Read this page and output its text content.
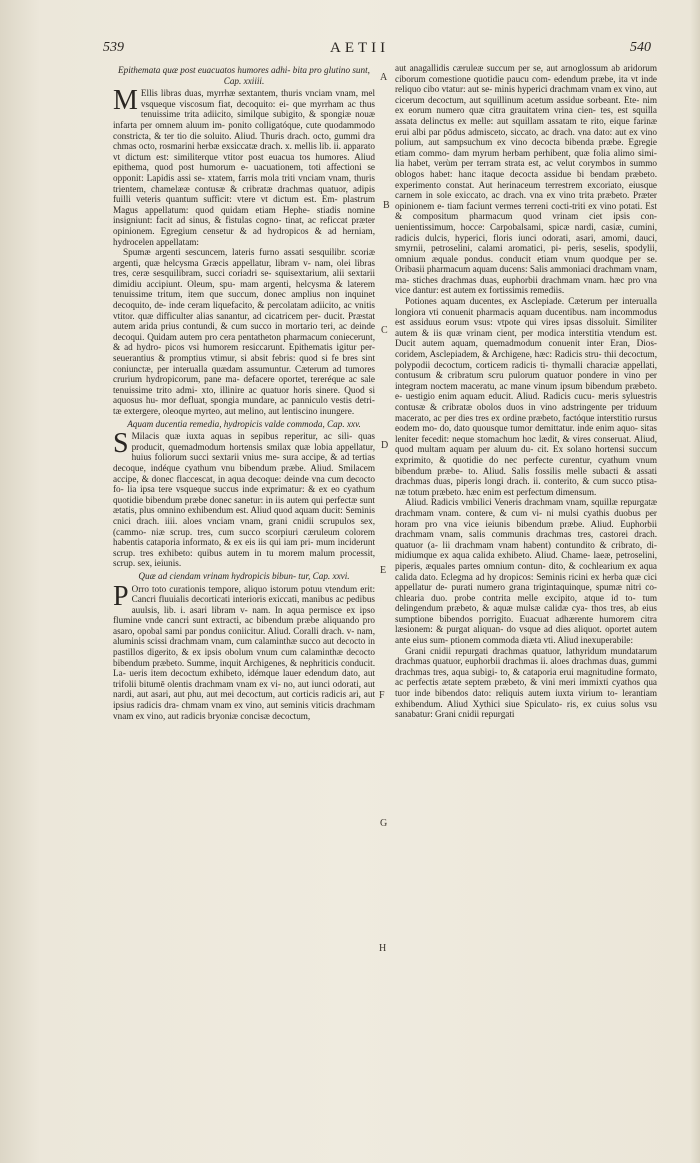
539	AETII	540
A
B
C
D
E
F
G
H

Epithemata quæ post euacuatos humores adhi- bita pro glutino sunt, Cap. xxiiii.

M Ellis libras duas, myrrhæ sextantem, thuris vnciam vnam, mel vsqueque viscosum fiat, decoquito: ei- que myrrham ac thus tenuissime trita adiicito, similque subigito, & spongiæ nouæ infarta per omnem aluum im- ponito colligatóque, cute quodammodo constricta, & ter tio die soluito. Aliud. Thuris drach. octo, gummi dra chmas octo, rosmarini herbæ exsiccatæ drach. x. mellis lib. ii. apparato vt dictum est: similiterque vtitor post euacua tos humores. Aliud epithema, quod post humorum e- uacuationem, toti affectioni se opponit: Lapidis assi se- xtatem, farris mola triti vnciam vnam, thuris trientem, chamelææ contusæ & cribratæ drachmas quatuor, adipis fuilli veteris quantum sufficit: vtere vt dictum est. Em- plastrum Magus appellatum: quod quidam etiam Hephe- stiadis nomine insigniunt: facit ad sinus, & fistulas cogno- tinat, ac reficcat præter opinionem. Egregium censetur & ad hydropicos & ad herniam, hydrocelen appellatam:

Spumæ argenti sescuncem, lateris furno assati sesquilibr. scoriæ argenti, quæ helcysma Græcis appellatur, libram v- nam, olei libras tres, ceræ sesquilibram, succi coriadri se- squisextarium, alii sextarii dimidiu accipiunt. Oleum, spu- mam argenti, helcysma & laterem tenuissime tritum, item que succum, donec amplius non inquinet decoquito, de- inde ceram liquefacito, & percolatam adiicito, ac vnitis vtitor. quæ difficulter alias sanantur, ad cicatricem per- ducit. Præstat autem arida prius contundi, & cum succo in mortario teri, ac deinde decoqui. Quidam autem pro cera pentatheton pharmacum coniecerunt, & ad hydro- picos vsi humorem resiccarunt. Epithematis igitur per- seuerantius & promptius vtimur, si absit febris: quod si fe bres sint coniunctæ, per interualla quædam assumuntur. Cæterum ad tumores crurium hydropicorum, pane ma- defacere oportet, tereréque ac sale tenuissime trito admi- xto, illinire ac quatuor horis sinere. Quod si aquosus hu- mor defluat, spongia mundare, ac panniculo vestis detri- tæ extergere, oleoque myrteo, aut melino, aut lentiscino inungere.

Aquam ducentia remedia, hydropicis valde commoda, Cap. xxv.

S Milacis quæ iuxta aquas in sepibus reperitur, ac sili- quas producit, quemadmodum hortensis smilax quæ lobia appellatur, huius foliorum succi sextarii vnius me- sura accipe, & ad tertias decoque, indéque cyathum vnu bibendum præbe. Aliud. Smilacem accipe, & donec flaccescat, in aqua decoque: deinde vna cum decocto fo- lia ipsa tere vsqueque succus inde exprimatur: & ex eo cyathum quotidie bibendum præbe donec sanetur: in iis autem qui perfectæ sunt ætatis, plus omnino exhibendum est. Aliud quod aquam ducit: Seminis cnici drach. iiii. aloes vnciam vnam, grani cnidii scrupulos sex, (cammo- niæ scrup. tres, cum succo scorpiuri cæruleum colorem habentis cataporia informato, & ex eis iis qui iam pri- mum inciderunt scrup. tres exhibeto: quibus autem in tu morem malum processit, scrup. sex, ieiunis.

Quæ ad ciendam vrinam hydropicis bibun- tur, Cap. xxvi.

P Orro toto curationis tempore, aliquo istorum potuu vtendum erit: Cancri fluuialis decorticati interioris exiccati, manibus ac pedibus auulsis, lib. i. asari libram v- nam. In aqua permisce ex ipso flumine vnde cancri sunt extracti, ac bibendum præbe aliquando pro asaro, opobal sami par pondus coniicitur. Aliud. Coralli drach. v- nam, aluminis scissi drachmam vnam, cum calaminthæ succo aut decocto in pastillos digerito, & ex ipsis obolum vnum cum calaminthæ decocto bibendum præbeto. Summe, inquit Archigenes, & nephriticis conducit. La- ueris item decoctum exhibeto, idémque lauer edendum dato, aut trifolii bitumē olentis drachmam vnam ex vi- no, aut iunci odorati, aut nardi, aut asari, aut phu, aut mei decoctum, aut corticis radicis ari, aut ipsius radicis dra- chmam vnam ex vino, aut seminis viticis drachmam vnam ex vino, aut radicis bryoniæ concisæ decoctum,

aut anagallidis cæruleæ succum per se, aut arnoglossum ab aridorum ciborum comestione quotidie paucu com- edendum præbe, ita vt inde reliquo cibo vtatur: aut se- minis hyperici drachmam vnam ex vino, aut cicerum decoctum, aut squillinum acetum assidue sorbeant. Ete- nim ex eorum numero quæ citra grauitatem vrina cien- tes, est squilla assata delinctus ex melle: aut squillam assatam te rito, eique farinæ erui albi par pōdus admisceto, siccato, ac drach. vna dato: aut ex vino polium, aut sampsuchum ex vino decocta bibenda præbe. Egregie etiam commo- dam myrum herbam perhibent, quæ folia alimo simi- lia habet, verùm per terram strata est, ac velut corymbos in summo oblogos habet: hanc itaque decocta assidue bi bendam præbeto. experimento constat. Aut herinaceum terrestrem excoriato, eiusque carnem in sole exiccato, ac drach. vna ex vino trita præbeto. Præter opinionem e- tiam faciunt vermes terreni cocti-triti ex vino potati. Est & compositum pharmacum quod vrinam ciet ipsis con- uenientissimum, hocce: Carpobalsami, spicæ nardi, casiæ, cumini, radicis dulcis, hyperici, floris iunci odorati, asari, amomi, dauci, smyrnii, petroselini, calami aromatici, pi- peris, seselis, spodylii, omnium æquale pondus. conducit etiam vnum quodque per se. Oribasii pharmacum aquam ducens: Salis ammoniaci drachmam vnam, ma- stiches drachmas duas, euphorbii drachmam vnam. hæc pro vna vice dantur: est autem ex fortissimis remediis.

Potiones aquam ducentes, ex Asclepiade. Cæterum per interualla longiora vti conuenit pharmacis aquam ducentibus. nam incommodus est assiduus eorum vsus: vtpote qui vires ipsas dissoluit. Similiter autem & iis quæ vrinam cient, per modica interstitia vtendum est. Ducit autem aquam, quemadmodum conuenit inter Eran, Dios- coridem, Asclepiadem, & Archigene, hæc: Radicis stru- thii decoctum, polypodii decoctum, corticem radicis ti- thymalli characiæ appellati, contusum & cribratum scru pulorum quatuor pondere in vino per integram noctem maceratu, ac mane vinum ipsum bibendum præbeto. e- uestigio enim aquam educit. Aliud. Radicis cucu- meris syluestris contusæ & cribratæ obolos duos in vino adstringente per triduum macerato, ac per dies tres ex ordine præbeto, factóque interstitio rursus eodem mo- do, dato quousque tumor demittatur. inde enim aquo- sitas leniter fecedit: neque stomachum hoc lædit, & vires conseruat. Aliud, quod multam aquam per aluum du- cit. Ex solano hortensi succum exprimito, & quotidie do nec perfecte curentur, cyathum vnum bibendum præbe- to. Aliud. Salis fossilis melle subacti & assati drachmas duas, piperis longi drach. ii. conterito, & cum succo ptisa- næ totum præbeto. hæc enim est perfectum dimensum.

Aliud. Radicis vmbilici Veneris drachmam vnam, squillæ repurgatæ drachmam vnam. contere, & cum vi- ni mulsi cyathis duobus per horam pro vna vice ieiunis bibendum præbe. Aliud. Euphorbii drachmam vnam, salis communis drachmas tres, castorei drach. quatuor (a- lii drachmam vnam habent) contundito & cribrato, di- midiumque ex aqua calida exhibeto. Aliud. Chame- laeæ, petroselini, piperis, æquales partes omnium contun- dito, & cochlearium ex aqua calida dato. Eclegma ad hy dropicos: Seminis ricini ex herba quæ cici appellatur de- purati numero grana trigintaquinque, spumæ nitri co- chlearia duo. probe contrita melle excipito, atque id to- tum delingendum præbeto, & aquæ mulsæ calidæ cya- thos tres, ab eius sumptione bibendos porrigito. Euacuat adhærente humorem citra læsionem: & purgat aliquan- do vsque ad dies aliquot. oportet autem ante eius sum- ptionem commoda diæta vti. Aliud inexuperabile:

Grani cnidii repurgati drachmas quatuor, lathyridum mundatarum drachmas quatuor, euphorbii drachmas ii. aloes drachmas duas, gummi drachmas tres, aqua subigi- to, & cataporia erui magnitudine formato, ac perfectis ætate septem præbeto, & vini meri immixti cyathos qua tuor inde bibendos dato: reliquis autem iuxta virium to- lerantiam exhibendum. Aliud Xythici siue Spiculato- ris, ex cuius solus vsu sanabatur: Grani cnidii repurgati
